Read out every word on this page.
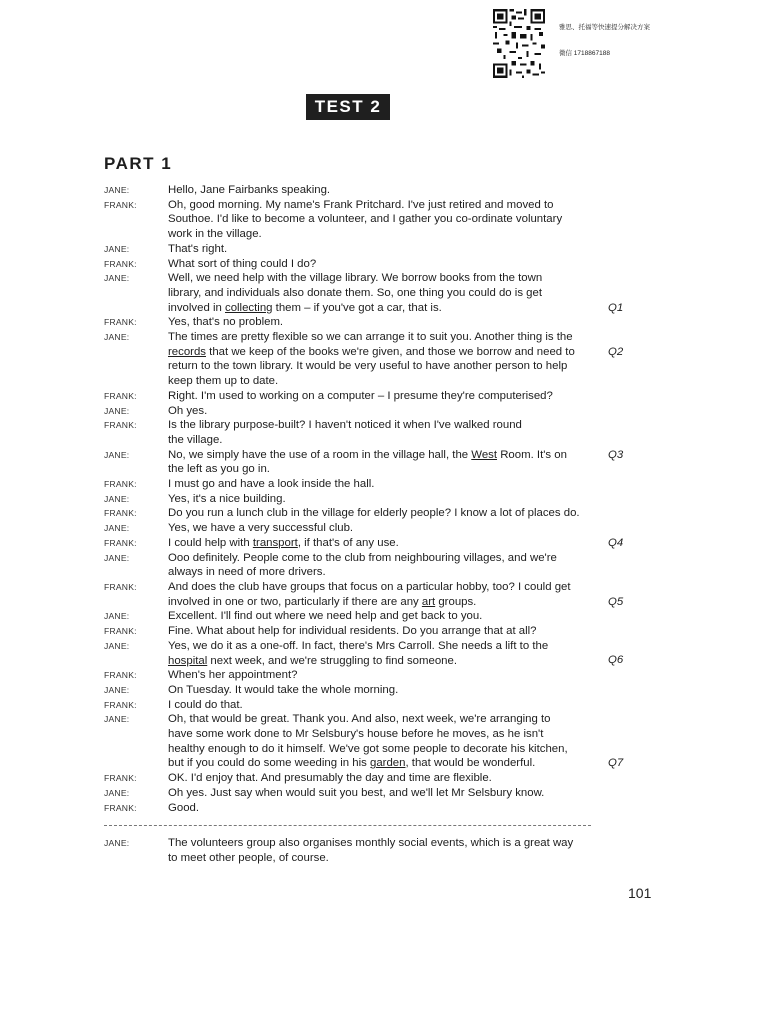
雅思、托福等快速提分解决方案
微信 1718867188
TEST 2
PART 1
JANE:	Hello, Jane Fairbanks speaking.
FRANK:	Oh, good morning. My name's Frank Pritchard. I've just retired and moved to
Southoe. I'd like to become a volunteer, and I gather you co-ordinate voluntary
work in the village.
JANE:	That's right.
FRANK:	What sort of thing could I do?
JANE:	Well, we need help with the village library. We borrow books from the town
library, and individuals also donate them. So, one thing you could do is get
involved in collecting them – if you've got a car, that is.	Q1
FRANK:	Yes, that's no problem.
JANE:	The times are pretty flexible so we can arrange it to suit you. Another thing is the
records that we keep of the books we're given, and those we borrow and need to
return to the town library. It would be very useful to have another person to help
keep them up to date.
Q2
FRANK:	Right. I'm used to working on a computer – I presume they're computerised?
JANE:	Oh yes.
FRANK:	Is the library purpose-built? I haven't noticed it when I've walked round
the village.
JANE:	No, we simply have the use of a room in the village hall, the West Room. It's on
the left as you go in.
Q3
FRANK:	I must go and have a look inside the hall.
JANE:	Yes, it's a nice building.
FRANK:	Do you run a lunch club in the village for elderly people? I know a lot of places do.
JANE:	Yes, we have a very successful club.
FRANK:	I could help with transport, if that's of any use.	Q4
JANE:	Ooo definitely. People come to the club from neighbouring villages, and we're
always in need of more drivers.
FRANK:	And does the club have groups that focus on a particular hobby, too? I could get
involved in one or two, particularly if there are any art groups.	Q5
JANE:	Excellent. I'll find out where we need help and get back to you.
FRANK:	Fine. What about help for individual residents. Do you arrange that at all?
JANE:	Yes, we do it as a one-off. In fact, there's Mrs Carroll. She needs a lift to the
hospital next week, and we're struggling to find someone.	Q6
FRANK:	When's her appointment?
JANE:	On Tuesday. It would take the whole morning.
FRANK:	I could do that.
JANE:	Oh, that would be great. Thank you. And also, next week, we're arranging to
have some work done to Mr Selsbury's house before he moves, as he isn't
healthy enough to do it himself. We've got some people to decorate his kitchen,
but if you could do some weeding in his garden, that would be wonderful.	Q7
FRANK:	OK. I'd enjoy that. And presumably the day and time are flexible.
JANE:	Oh yes. Just say when would suit you best, and we'll let Mr Selsbury know.
FRANK:	Good.
JANE:	The volunteers group also organises monthly social events, which is a great way
to meet other people, of course.
101
